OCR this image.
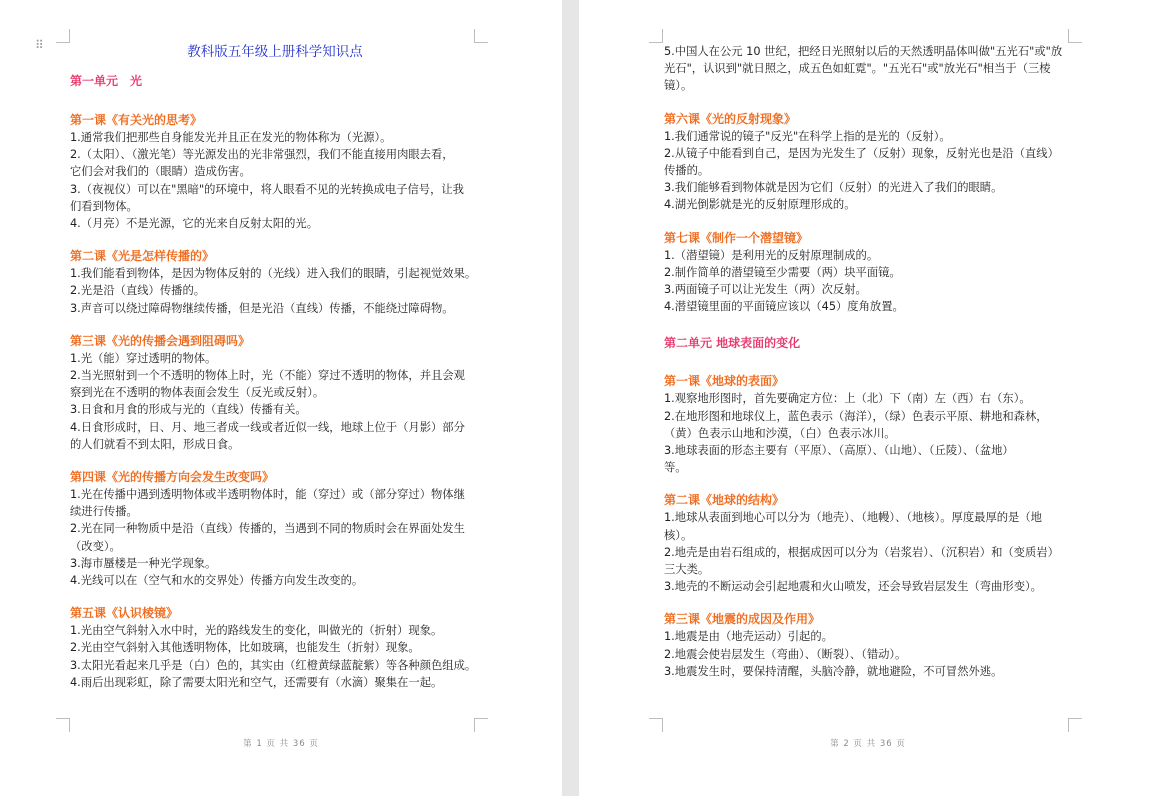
⠿	教科版五年级上册科学知识点
第一单元　光
第一课《有关光的思考》
1.通常我们把那些自身能发光并且正在发光的物体称为（光源）。
2.（太阳）、（激光笔）等光源发出的光非常强烈，我们不能直接用肉眼去看，
它们会对我们的（眼睛）造成伤害。
3.（夜视仪）可以在"黑暗"的环境中，将人眼看不见的光转换成电子信号，让我
们看到物体。
4.（月亮）不是光源，它的光来自反射太阳的光。
第二课《光是怎样传播的》
1.我们能看到物体，是因为物体反射的（光线）进入我们的眼睛，引起视觉效果。
2.光是沿（直线）传播的。
3.声音可以绕过障碍物继续传播，但是光沿（直线）传播，不能绕过障碍物。
第三课《光的传播会遇到阻碍吗》
1.光（能）穿过透明的物体。
2.当光照射到一个不透明的物体上时，光（不能）穿过不透明的物体，并且会观
察到光在不透明的物体表面会发生（反光或反射）。
3.日食和月食的形成与光的（直线）传播有关。
4.日食形成时，日、月、地三者成一线或者近似一线，地球上位于（月影）部分
的人们就看不到太阳，形成日食。
第四课《光的传播方向会发生改变吗》
1.光在传播中遇到透明物体或半透明物体时，能（穿过）或（部分穿过）物体继
续进行传播。
2.光在同一种物质中是沿（直线）传播的，当遇到不同的物质时会在界面处发生
（改变）。
3.海市蜃楼是一种光学现象。
4.光线可以在（空气和水的交界处）传播方向发生改变的。
第五课《认识棱镜》
1.光由空气斜射入水中时，光的路线发生的变化，叫做光的（折射）现象。
2.光由空气斜射入其他透明物体，比如玻璃，也能发生（折射）现象。
3.太阳光看起来几乎是（白）色的，其实由（红橙黄绿蓝靛紫）等各种颜色组成。
4.雨后出现彩虹，除了需要太阳光和空气，还需要有（水滴）聚集在一起。
第 1 页 共 36 页
5.中国人在公元 10 世纪，把经日光照射以后的天然透明晶体叫做"五光石"或"放
光石"，认识到"就日照之，成五色如虹霓"。"五光石"或"放光石"相当于（三棱镜）。
第六课《光的反射现象》
1.我们通常说的镜子"反光"在科学上指的是光的（反射）。
2.从镜子中能看到自己，是因为光发生了（反射）现象，反射光也是沿（直线）
传播的。
3.我们能够看到物体就是因为它们（反射）的光进入了我们的眼睛。
4.湖光倒影就是光的反射原理形成的。
第七课《制作一个潜望镜》
1.（潜望镜）是利用光的反射原理制成的。
2.制作简单的潜望镜至少需要（两）块平面镜。
3.两面镜子可以让光发生（两）次反射。
4.潜望镜里面的平面镜应该以（45）度角放置。
第二单元 地球表面的变化
第一课《地球的表面》
1.观察地形图时，首先要确定方位：上（北）下（南）左（西）右（东）。
2.在地形图和地球仪上，蓝色表示（海洋），（绿）色表示平原、耕地和森林，
（黄）色表示山地和沙漠，（白）色表示冰川。
3.地球表面的形态主要有（平原）、（高原）、（山地）、（丘陵）、（盆地）
等。
第二课《地球的结构》
1.地球从表面到地心可以分为（地壳）、（地幔）、（地核）。厚度最厚的是（地
核）。
2.地壳是由岩石组成的，根据成因可以分为（岩浆岩）、（沉积岩）和（变质岩）
三大类。
3.地壳的不断运动会引起地震和火山喷发，还会导致岩层发生（弯曲形变）。
第三课《地震的成因及作用》
1.地震是由（地壳运动）引起的。
2.地震会使岩层发生（弯曲）、（断裂）、（错动）。
3.地震发生时，要保持清醒，头脑冷静，就地避险，不可冒然外逃。
第 2 页 共 36 页
